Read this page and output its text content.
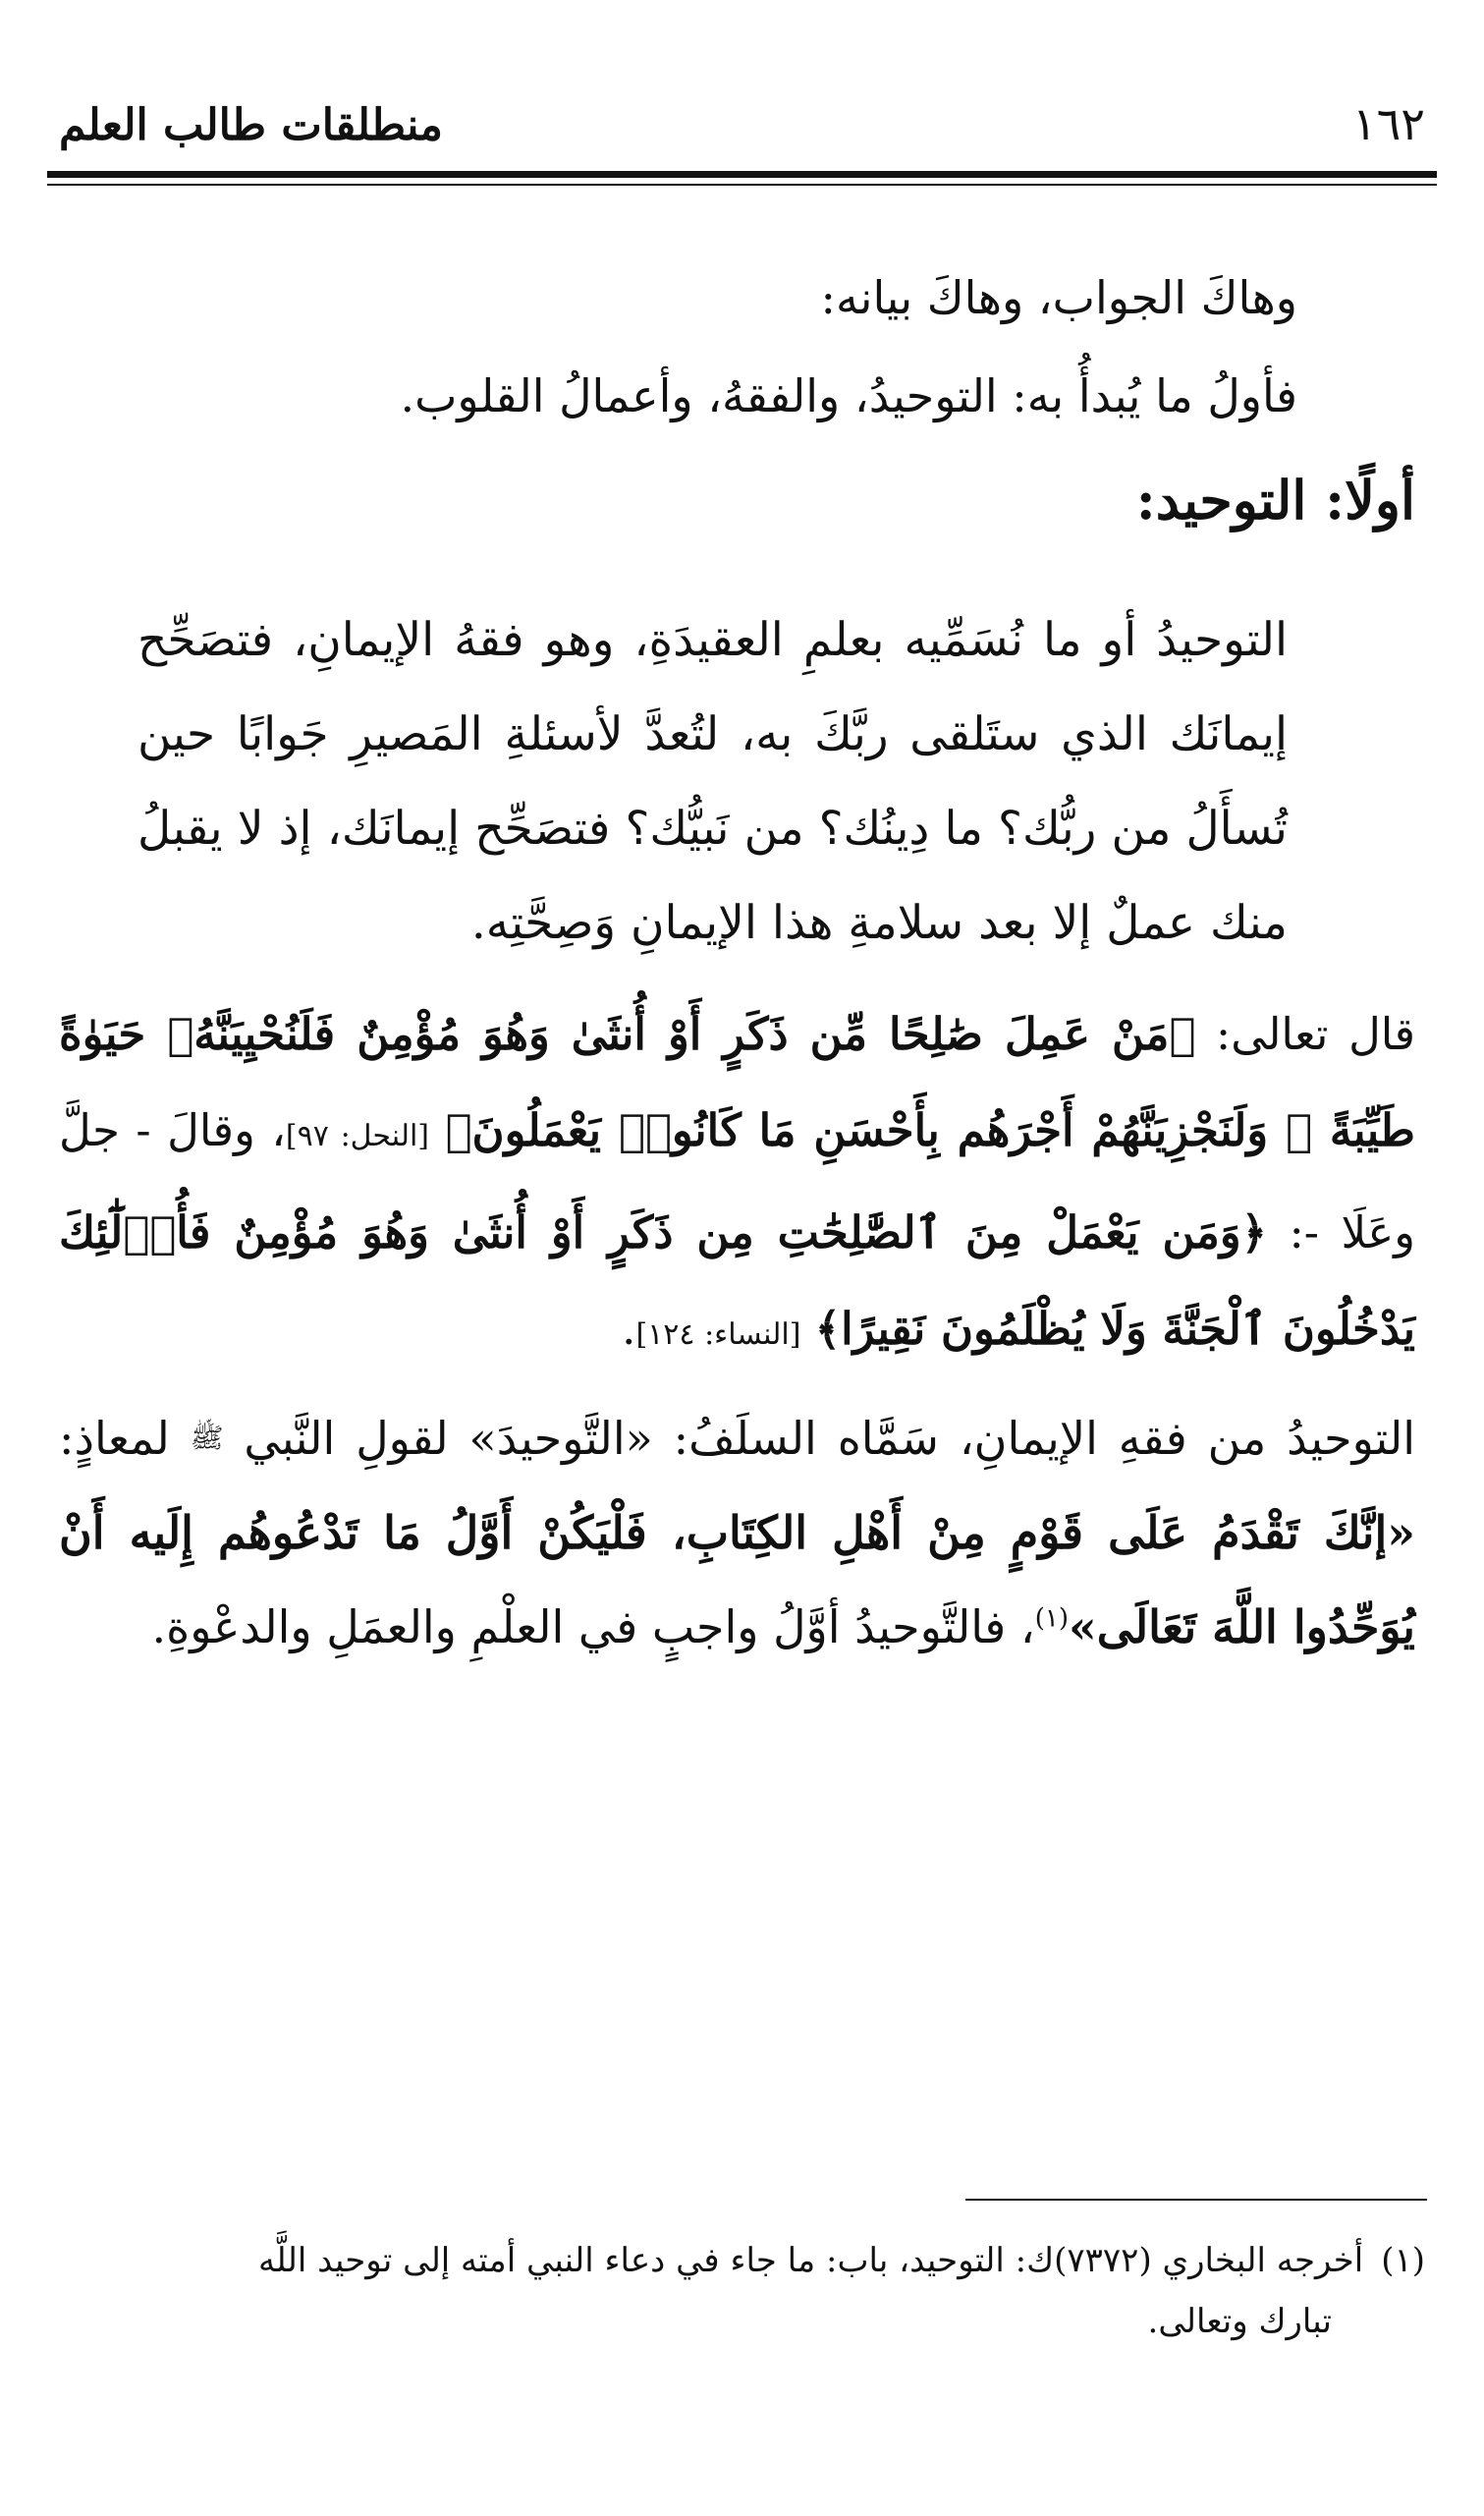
١٦٢
منطلقات طالب العلم

وهاكَ الجواب، وهاكَ بيانه:

فأولُ ما يُبدأُ به: التوحيدُ، والفقهُ، وأعمالُ القلوب.

أولًا: التوحيد:

التوحيدُ أو ما نُسَمِّيه بعلمِ العقيدَةِ، وهو فقهُ الإيمانِ، فتصَحِّح إيمانَك الذي ستَلقى ربَّكَ به، لتُعدَّ لأسئلةِ المَصيرِ جَوابًا حين تُسأَلُ من ربُّك؟ ما دِينُك؟ من نَبيُّك؟ فتصَحِّح إيمانَك، إذ لا يقبلُ منك عملٌ إلا بعد سلامةِ هذا الإيمانِ وَصِحَّتِه.

قال تعالى: ﴿مَنْ عَمِلَ صَٰلِحًا مِّن ذَكَرٍ أَوْ أُنثَىٰ وَهُوَ مُؤْمِنٌ فَلَنُحْيِيَنَّهُۥ حَيَوٰةً طَيِّبَةً ۖ وَلَنَجْزِيَنَّهُمْ أَجْرَهُم بِأَحْسَنِ مَا كَانُوا۟ يَعْمَلُونَ﴾ [النحل: ٩٧]، وقالَ - جلَّ وعَلَا -: ﴿وَمَن يَعْمَلْ مِنَ ٱلصَّٰلِحَٰتِ مِن ذَكَرٍ أَوْ أُنثَىٰ وَهُوَ مُؤْمِنٌ فَأُو۟لَٰٓئِكَ يَدْخُلُونَ ٱلْجَنَّةَ وَلَا يُظْلَمُونَ نَقِيرًا﴾ [النساء: ١٢٤].

التوحيدُ من فقهِ الإيمانِ، سَمَّاه السلَفُ: «التَّوحيدَ» لقولِ النَّبي $^ﷺ$ لمعاذٍ: «إنَّكَ تَقْدَمُ عَلَى قَوْمٍ مِنْ أَهْلِ الكِتَابِ، فَلْيَكُنْ أَوَّلُ مَا تَدْعُوهُم إِلَيه أَنْ يُوَحِّدُوا اللَّهَ تَعَالَى»$^{(١)}$، فالتَّوحيدُ أوَّلُ واجبٍ في العلْمِ والعمَلِ والدعْوةِ.

(١)أخرجه البخاري (٧٣٧٢)ك: التوحيد، باب: ما جاء في دعاء النبي أمته إلى توحيد اللَّه
تبارك وتعالى.
